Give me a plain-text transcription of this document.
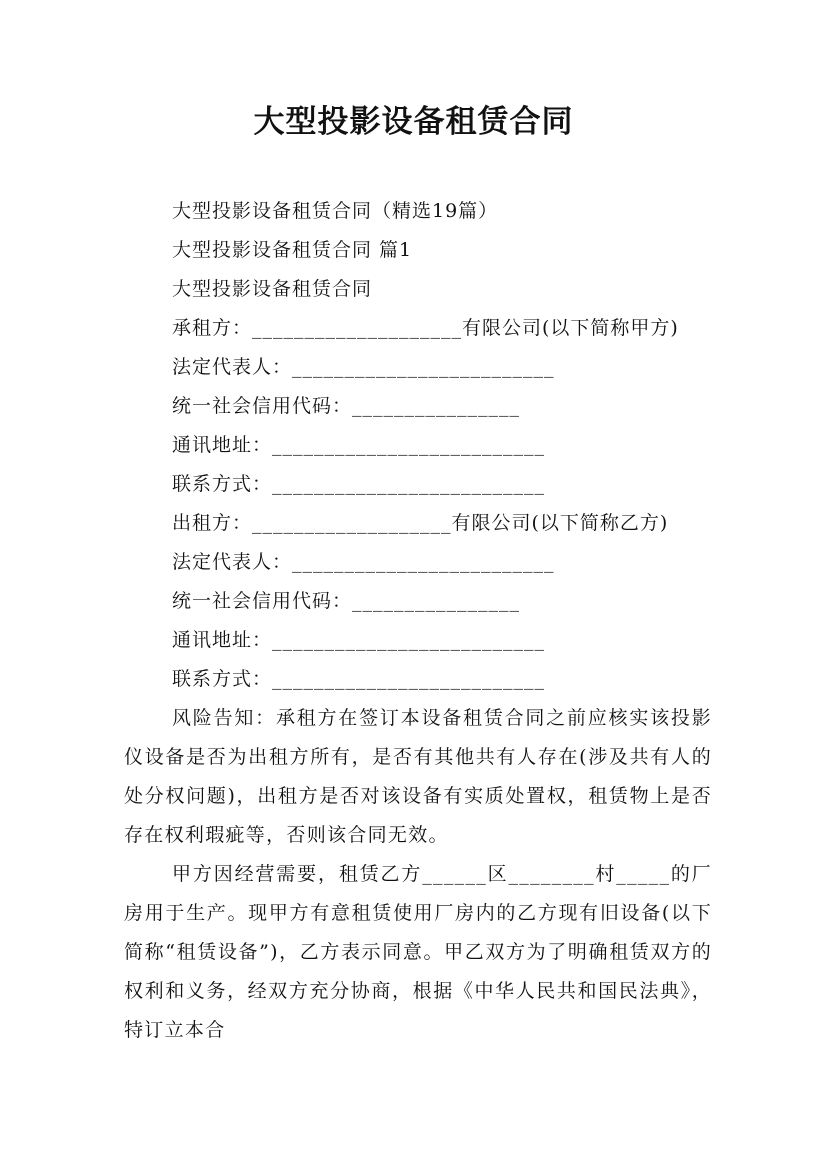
大型投影设备租赁合同
大型投影设备租赁合同（精选19篇）
大型投影设备租赁合同 篇1
大型投影设备租赁合同
承租方：____________________有限公司(以下简称甲方)
法定代表人：_________________________
统一社会信用代码：________________
通讯地址：__________________________
联系方式：__________________________
出租方：___________________有限公司(以下简称乙方)
法定代表人：_________________________
统一社会信用代码：________________
通讯地址：__________________________
联系方式：__________________________
风险告知：承租方在签订本设备租赁合同之前应核实该投影仪设备是否为出租方所有，是否有其他共有人存在(涉及共有人的处分权问题)，出租方是否对该设备有实质处置权，租赁物上是否存在权利瑕疵等，否则该合同无效。
甲方因经营需要，租赁乙方______区________村_____的厂房用于生产。现甲方有意租赁使用厂房内的乙方现有旧设备(以下简称“租赁设备”)，乙方表示同意。甲乙双方为了明确租赁双方的权利和义务，经双方充分协商，根据《中华人民共和国民法典》，特订立本合
